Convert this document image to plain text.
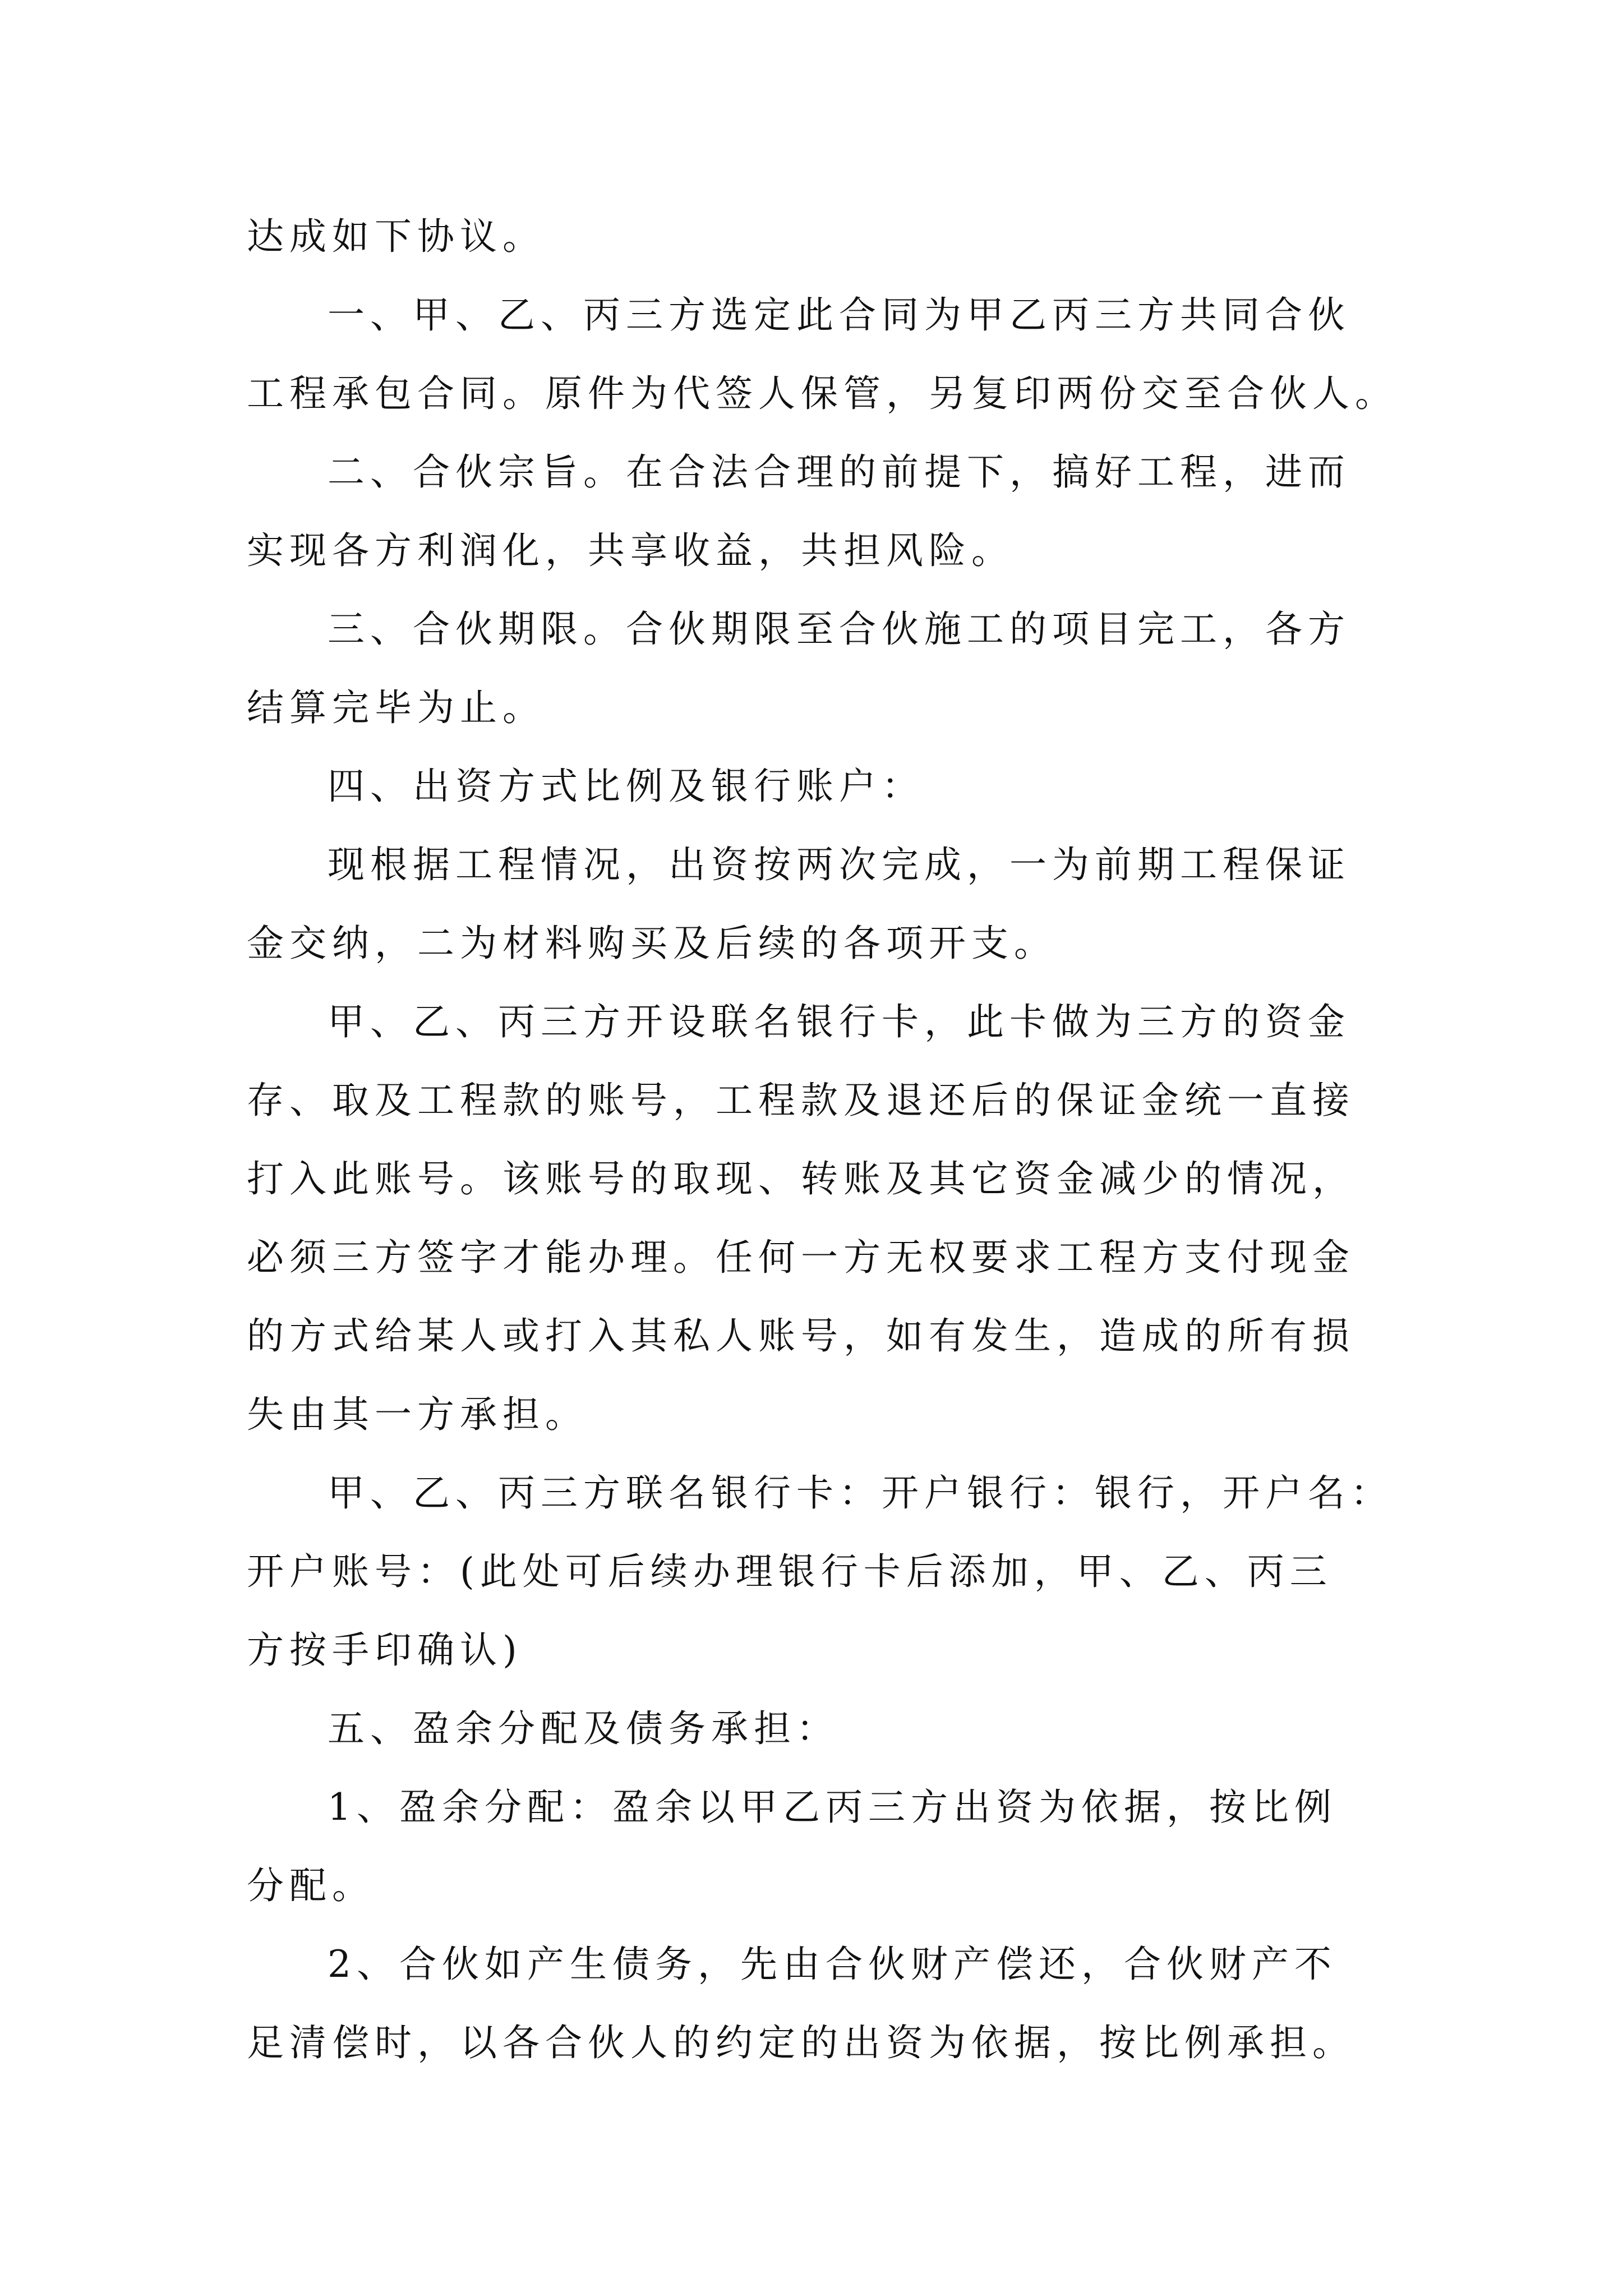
达成如下协议。
一、甲、乙、丙三方选定此合同为甲乙丙三方共同合伙
工程承包合同。原件为代签人保管，另复印两份交至合伙人。
二、合伙宗旨。在合法合理的前提下，搞好工程，进而
实现各方利润化，共享收益，共担风险。
三、合伙期限。合伙期限至合伙施工的项目完工，各方
结算完毕为止。
四、出资方式比例及银行账户：
现根据工程情况，出资按两次完成，一为前期工程保证
金交纳，二为材料购买及后续的各项开支。
甲、乙、丙三方开设联名银行卡，此卡做为三方的资金
存、取及工程款的账号，工程款及退还后的保证金统一直接
打入此账号。该账号的取现、转账及其它资金减少的情况，
必须三方签字才能办理。任何一方无权要求工程方支付现金
的方式给某人或打入其私人账号，如有发生，造成的所有损
失由其一方承担。
甲、乙、丙三方联名银行卡：开户银行：银行，开户名：
开户账号：(此处可后续办理银行卡后添加，甲、乙、丙三
方按手印确认)
五、盈余分配及债务承担：
1、盈余分配：盈余以甲乙丙三方出资为依据，按比例
分配。
2、合伙如产生债务，先由合伙财产偿还，合伙财产不
足清偿时，以各合伙人的约定的出资为依据，按比例承担。
